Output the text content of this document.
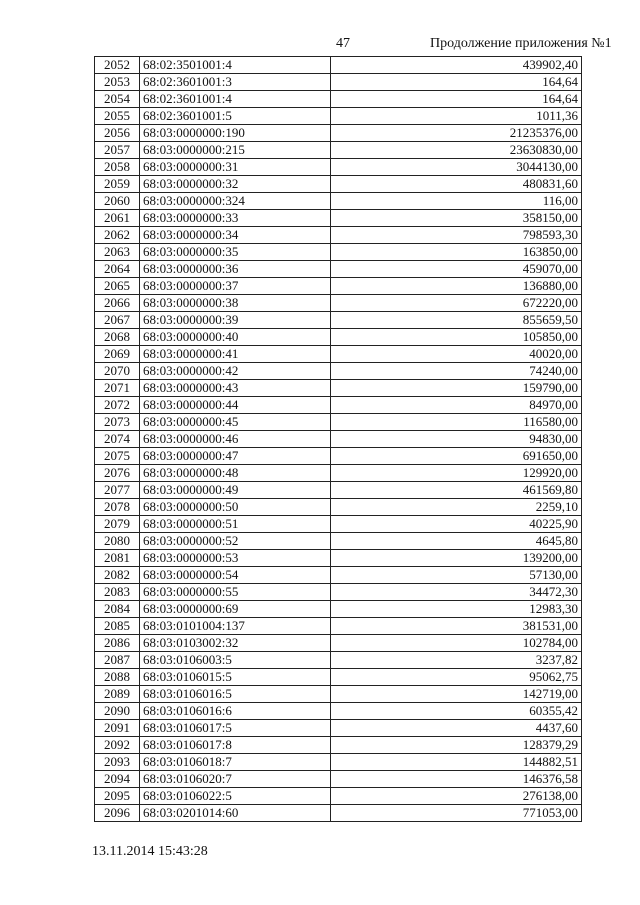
47	Продолжение приложения №1
2052	68:02:3501001:4	439902,40
2053	68:02:3601001:3	164,64
2054	68:02:3601001:4	164,64
2055	68:02:3601001:5	1011,36
2056	68:03:0000000:190	21235376,00
2057	68:03:0000000:215	23630830,00
2058	68:03:0000000:31	3044130,00
2059	68:03:0000000:32	480831,60
2060	68:03:0000000:324	116,00
2061	68:03:0000000:33	358150,00
2062	68:03:0000000:34	798593,30
2063	68:03:0000000:35	163850,00
2064	68:03:0000000:36	459070,00
2065	68:03:0000000:37	136880,00
2066	68:03:0000000:38	672220,00
2067	68:03:0000000:39	855659,50
2068	68:03:0000000:40	105850,00
2069	68:03:0000000:41	40020,00
2070	68:03:0000000:42	74240,00
2071	68:03:0000000:43	159790,00
2072	68:03:0000000:44	84970,00
2073	68:03:0000000:45	116580,00
2074	68:03:0000000:46	94830,00
2075	68:03:0000000:47	691650,00
2076	68:03:0000000:48	129920,00
2077	68:03:0000000:49	461569,80
2078	68:03:0000000:50	2259,10
2079	68:03:0000000:51	40225,90
2080	68:03:0000000:52	4645,80
2081	68:03:0000000:53	139200,00
2082	68:03:0000000:54	57130,00
2083	68:03:0000000:55	34472,30
2084	68:03:0000000:69	12983,30
2085	68:03:0101004:137	381531,00
2086	68:03:0103002:32	102784,00
2087	68:03:0106003:5	3237,82
2088	68:03:0106015:5	95062,75
2089	68:03:0106016:5	142719,00
2090	68:03:0106016:6	60355,42
2091	68:03:0106017:5	4437,60
2092	68:03:0106017:8	128379,29
2093	68:03:0106018:7	144882,51
2094	68:03:0106020:7	146376,58
2095	68:03:0106022:5	276138,00
2096	68:03:0201014:60	771053,00
13.11.2014 15:43:28
